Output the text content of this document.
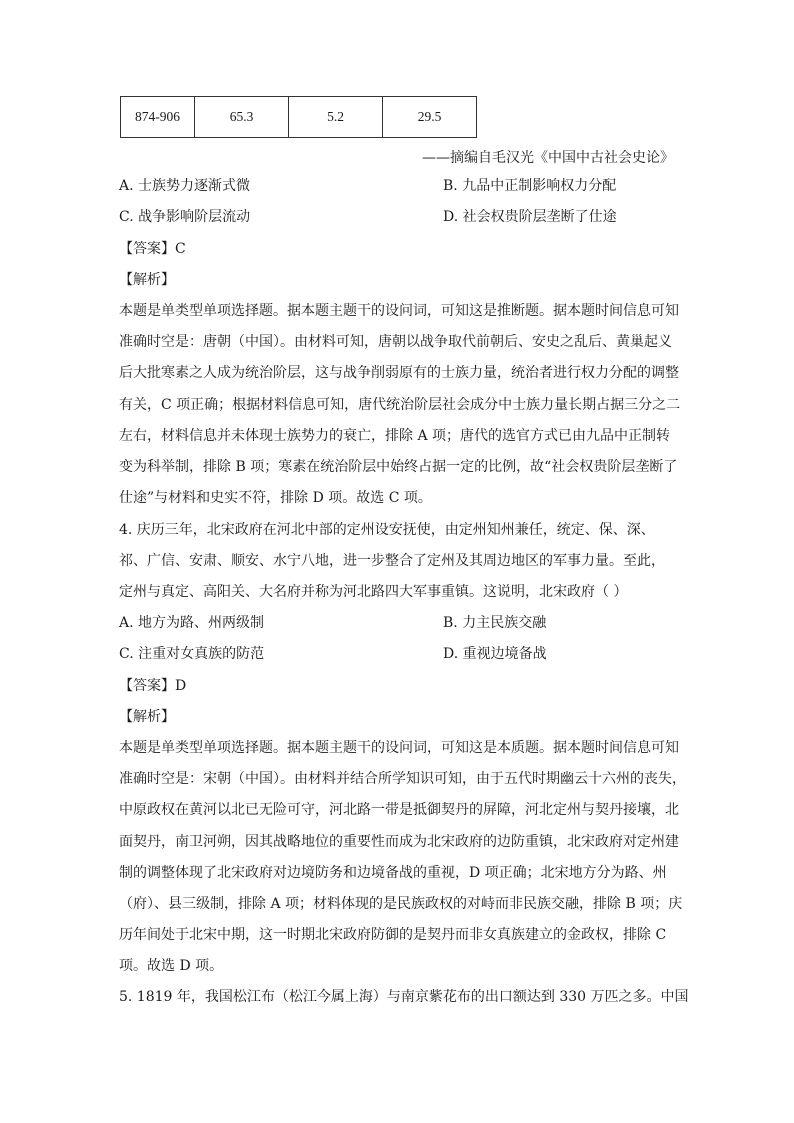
874-906	65.3	5.2	29.5
——摘编自毛汉光《中国中古社会史论》
A. 士族势力逐渐式微	B. 九品中正制影响权力分配
C. 战争影响阶层流动	D. 社会权贵阶层垄断了仕途
【答案】C
【解析】
本题是单类型单项选择题。据本题主题干的设问词，可知这是推断题。据本题时间信息可知
准确时空是：唐朝（中国）。由材料可知，唐朝以战争取代前朝后、安史之乱后、黄巢起义
后大批寒素之人成为统治阶层，这与战争削弱原有的士族力量，统治者进行权力分配的调整
有关，C 项正确；根据材料信息可知，唐代统治阶层社会成分中士族力量长期占据三分之二
左右，材料信息并未体现士族势力的衰亡，排除 A 项；唐代的选官方式已由九品中正制转
变为科举制，排除 B 项；寒素在统治阶层中始终占据一定的比例，故“社会权贵阶层垄断了
仕途”与材料和史实不符，排除 D 项。故选 C 项。
4. 庆历三年，北宋政府在河北中部的定州设安抚使，由定州知州兼任，统定、保、深、
祁、广信、安肃、顺安、水宁八地，进一步整合了定州及其周边地区的军事力量。至此，
定州与真定、高阳关、大名府并称为河北路四大军事重镇。这说明，北宋政府（ ）
A. 地方为路、州两级制	B. 力主民族交融
C. 注重对女真族的防范	D. 重视边境备战
【答案】D
【解析】
本题是单类型单项选择题。据本题主题干的设问词，可知这是本质题。据本题时间信息可知
准确时空是：宋朝（中国）。由材料并结合所学知识可知，由于五代时期幽云十六州的丧失，
中原政权在黄河以北已无险可守，河北路一带是抵御契丹的屏障，河北定州与契丹接壤，北
面契丹，南卫河朔，因其战略地位的重要性而成为北宋政府的边防重镇，北宋政府对定州建
制的调整体现了北宋政府对边境防务和边境备战的重视，D 项正确；北宋地方分为路、州
（府）、县三级制，排除 A 项；材料体现的是民族政权的对峙而非民族交融，排除 B 项；庆
历年间处于北宋中期，这一时期北宋政府防御的是契丹而非女真族建立的金政权，排除 C
项。故选 D 项。
5. 1819 年，我国松江布（松江今属上海）与南京紫花布的出口额达到 330 万匹之多。中国
